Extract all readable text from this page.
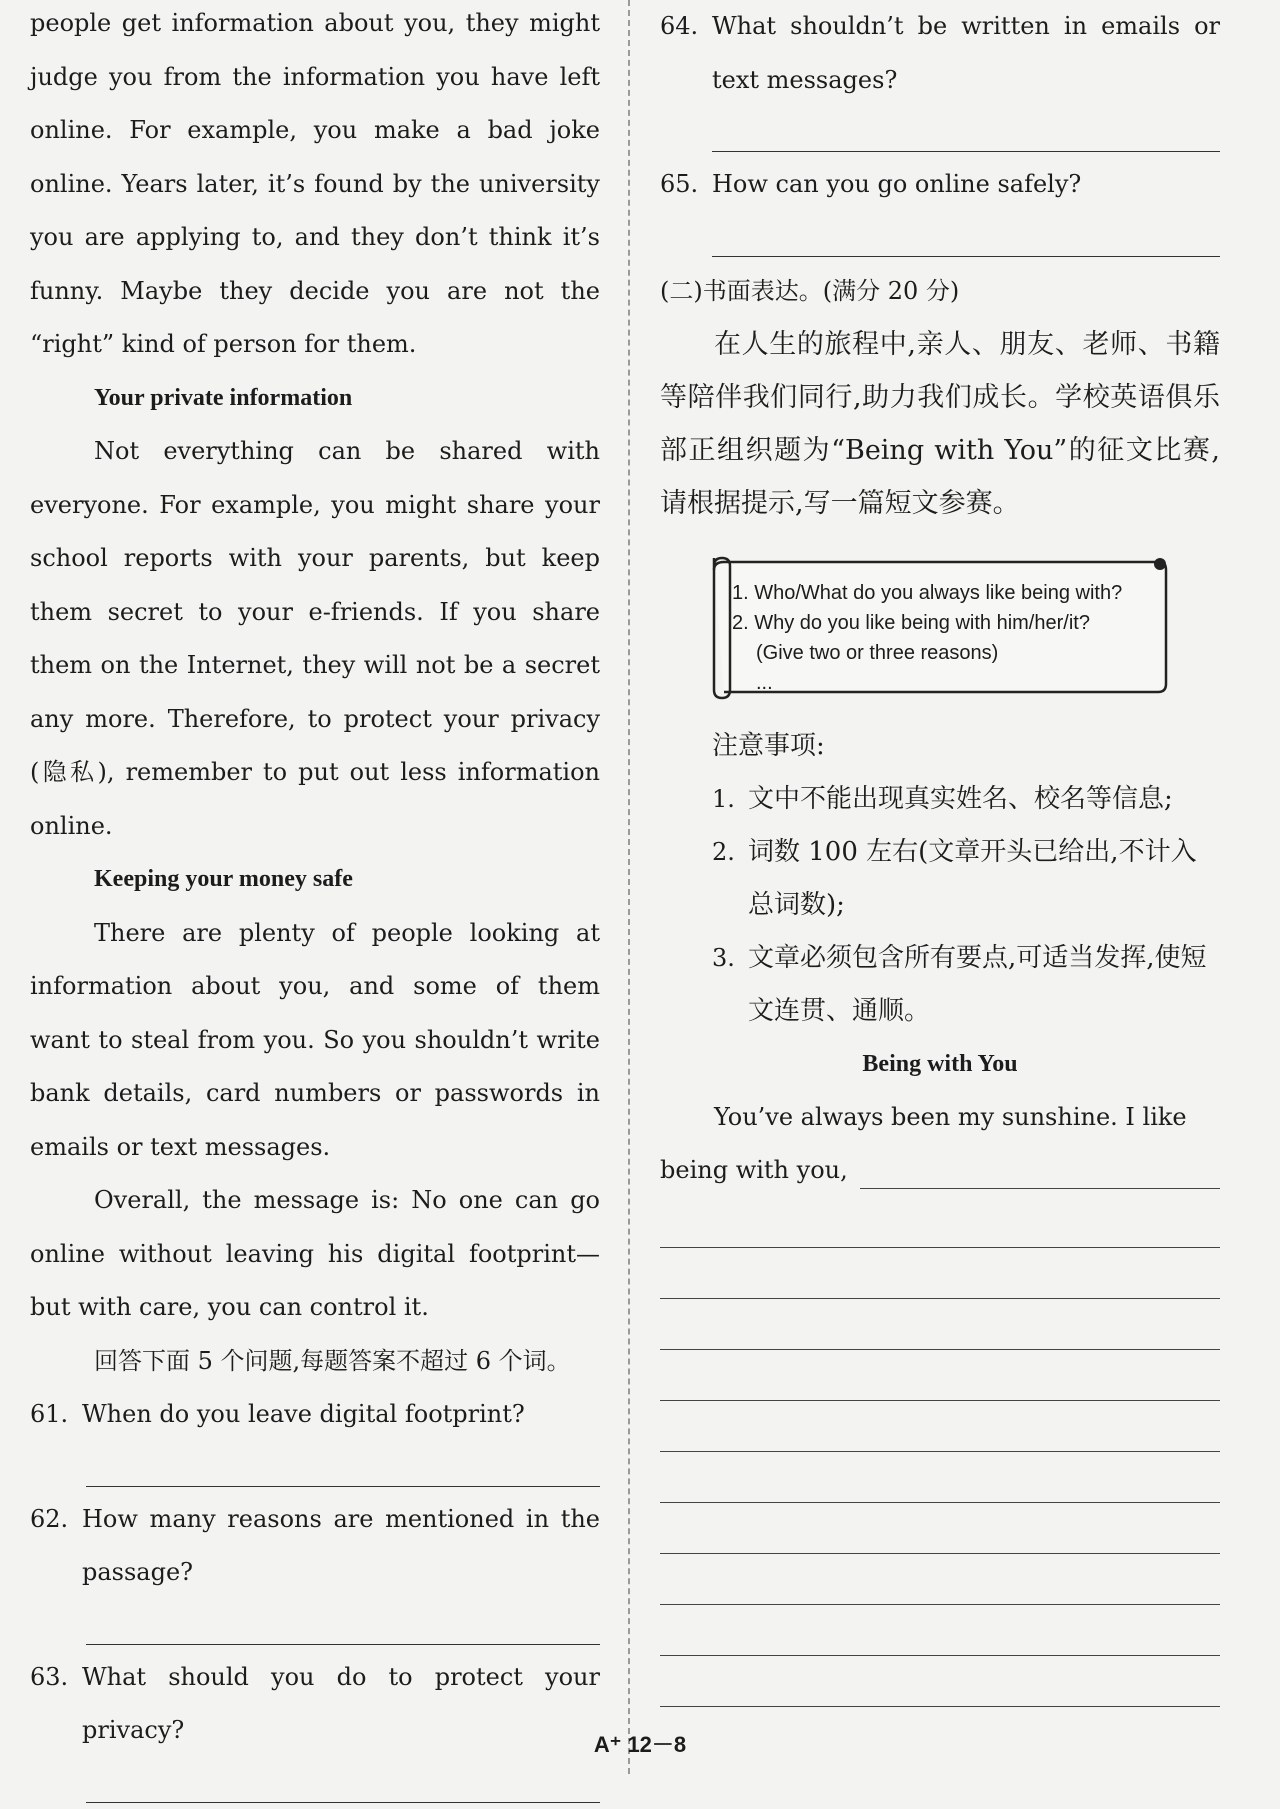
people get information about you, they might judge you from the information you have left online. For example, you make a bad joke online. Years later, it’s found by the university you are applying to, and they don’t think it’s funny. Maybe they decide you are not the “right” kind of person for them.

Your private information

Not everything can be shared with everyone. For example, you might share your school reports with your parents, but keep them secret to your e-friends. If you share them on the Internet, they will not be a secret any more. Therefore, to protect your privacy (隐私), remember to put out less information online.

Keeping your money safe

There are plenty of people looking at information about you, and some of them want to steal from you. So you shouldn’t write bank details, card numbers or passwords in emails or text messages.

Overall, the message is: No one can go online without leaving his digital footprint—but with care, you can control it.

回答下面 5 个问题,每题答案不超过 6 个词。

61. When do you leave digital footprint?
62. How many reasons are mentioned in the passage?
63. What should you do to protect your privacy?
64. What shouldn’t be written in emails or text messages?
65. How can you go online safely?
(二)书面表达。(满分 20 分)
在人生的旅程中,亲人、朋友、老师、书籍等陪伴我们同行,助力我们成长。学校英语俱乐部正组织题为“Being with You”的征文比赛,请根据提示,写一篇短文参赛。
1. Who/What do you always like being with?
2. Why do you like being with him/her/it?
(Give two or three reasons)
...
注意事项:
1. 文中不能出现真实姓名、校名等信息;
2. 词数 100 左右(文章开头已给出,不计入总词数);
3. 文章必须包含所有要点,可适当发挥,使短文连贯、通顺。
Being with You
You’ve always been my sunshine. I like
being with you,
A⁺ 12－8
